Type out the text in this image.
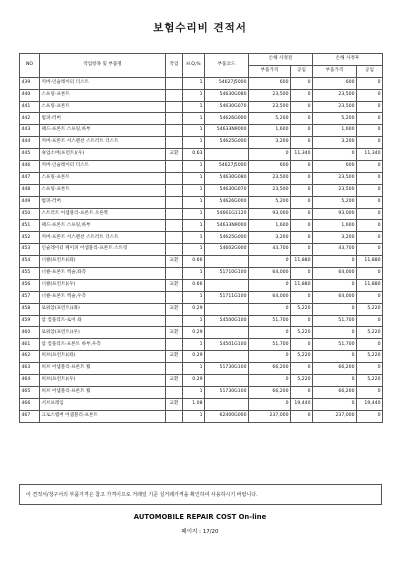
보험수리비 견적서
NO	작업항목 및 부품명	작업	H.Q,%	부품코드	손해 사정전		손해 사정후	
					부품가격	공임	부품가격	공임
439	커버-인슐레이터 더스트		1	54627J5000	600	0	600	0
440	스프링-프론트		1	54630G080	23,500	0	23,500	0
441	스프링-프론트		1	54630G070	23,500	0	23,500	0
442	범퍼-러버		1	54626G000	5,200	0	5,200	0
443	패드-프론트 스프링,하부		1	54633N9000	1,600	0	1,600	0
444	커버-프론트 서스펜션 스트러트 더스트		1	54625G000	3,200	0	3,200	0
445	쇽업소버(프런트)(우)	교환	0.63		0	11,340	0	11,340
446	커버-인슐레이터 더스트		1	54627J5000	600	0	600	0
447	스프링-프론트		1	54630G080	23,500	0	23,500	0
448	스프링-프론트		1	54630G070	23,500	0	23,500	0
449	범퍼-러버		1	54626G000	5,200	0	5,200	0
450	스트러트 어셈블리-프론트 오른쪽		1	54661G1120	93,000	0	93,000	0
451	패드-프론트 스프링,하부		1	54633N9000	1,600	0	1,600	0
452	커버-프론트 서스펜션 스트러트 더스트		1	54625G000	3,200	0	3,200	0
453	인슐레이터 페이퍼 어셈블리-프론트 스트럿		1	54602G000	43,700	0	43,700	0
454	너클(프런트)(좌)	교환	0.66		0	11,880	0	11,880
455	너클-프론트 액슬,좌측		1	51710G100	64,000	0	64,000	0
456	너클(프런트)(우)	교환	0.66		0	11,880	0	11,880
457	너클-프론트 액슬,우측		1	51711G100	64,000	0	64,000	0
458	로워암(프런트)(좌)	교환	0.29		0	5,220	0	5,220
459	암 컴플리트-로어 좌		1	54500G100	51,700	0	51,700	0
460	로워암(프런트)(우)	교환	0.29		0	5,220	0	5,220
461	암 컴플리트-프론트 하부,우측		1	54501G100	51,700	0	51,700	0
462	허브(프런트)(좌)	교환	0.29		0	5,220	0	5,220
463	허브 어셈블리-프론트 휠		1	51730G100	66,200	0	66,200	0
464	허브(프런트)(우)	교환	0.29		0	5,220	0	5,220
465	허브 어셈블리-프론트 휠		1	51730G100	66,200	0	66,200	0
466	서브프레임	교환	1.08		0	19,440	0	19,440
467	크로스멤버 어셈블리-프론트		1	62400G000	237,000	0	237,000	0
이 견적서/청구서의 부품가격은 참고 가격이므로 거래일 기준 실거래가격을 확인하여 사용하시기 바랍니다.
AUTOMOBILE REPAIR COST On-line
페이지 : 17/20
